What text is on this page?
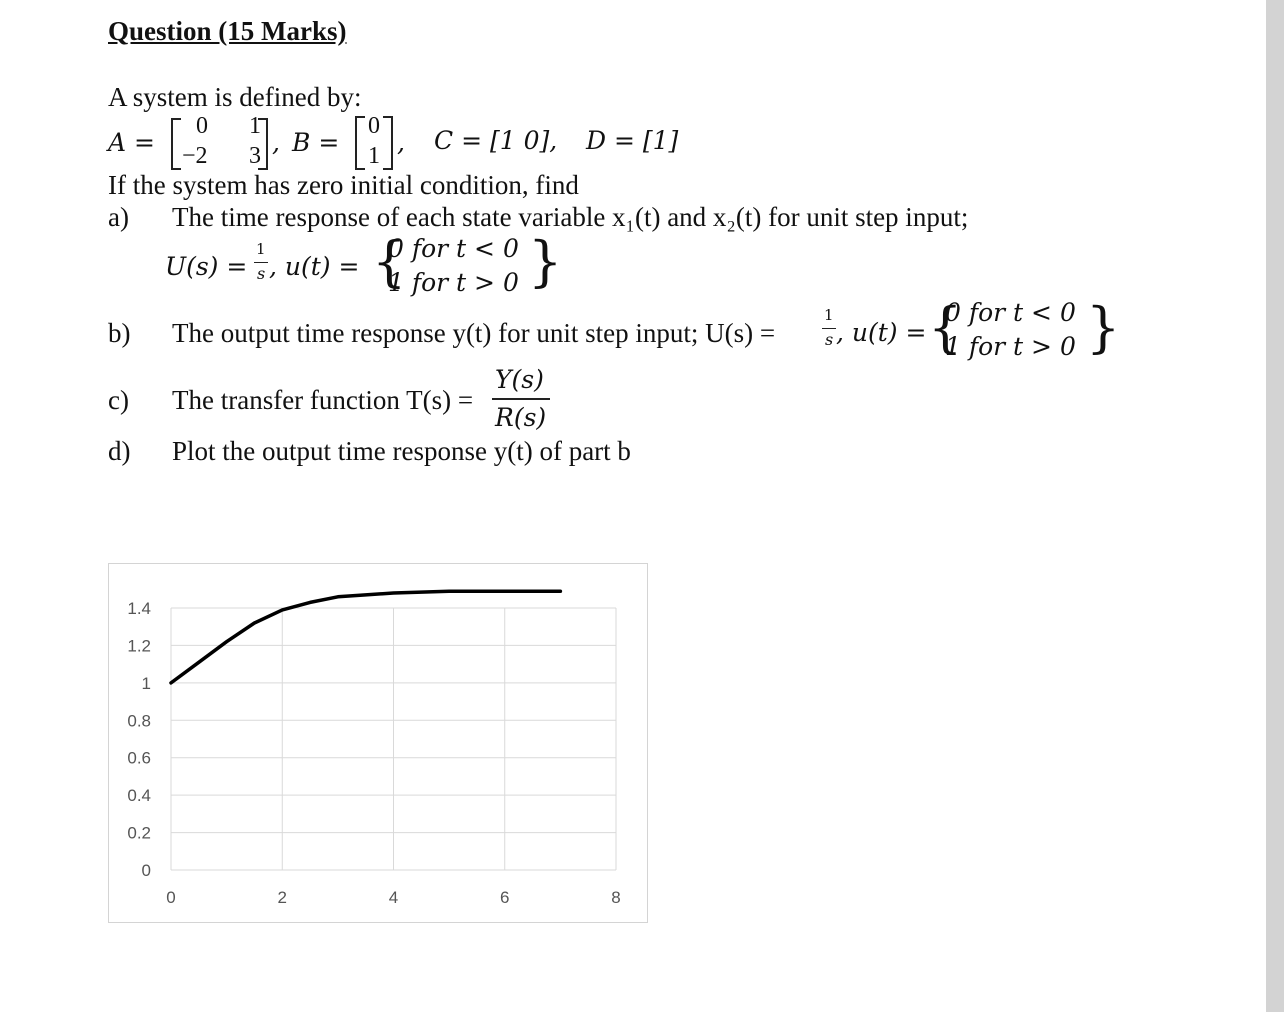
Question (15 Marks)
A system is defined by:
A =
0 1
−2 3 , B =
0
1 , C = [1 0], D = [1]
If the system has zero initial condition, find
a) The time response of each state variable x₁(t) and x₂(t) for unit step input;
U(s) =
1
s , u(t) = {
0 for t < 0
1 for t > 0 }
b) The output time response y(t) for unit step input; U(s) =
1
s , u(t) = {
0 for t < 0
1 for t > 0 }
c) The transfer function T(s) =
Y(s)
R(s)
d) Plot the output time response y(t) of part b
0
0.2
0.4
0.6
0.8
1
1.2
1.4
0	2	4	6	8
